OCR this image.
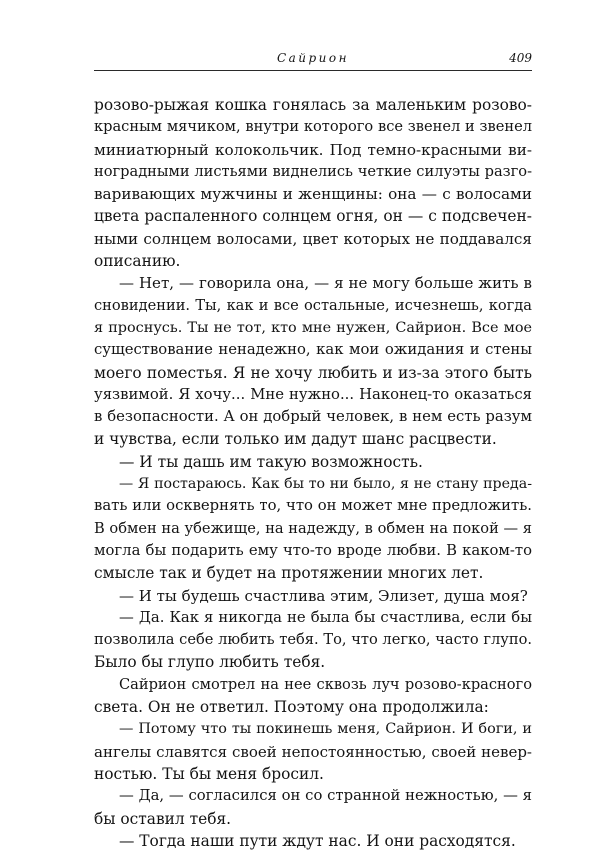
Сайрион	409
розово-рыжая кошка гонялась за маленьким розово-
красным мячиком, внутри которого все звенел и звенел
миниатюрный колокольчик. Под темно-красными ви-
ноградными листьями виднелись четкие силуэты разго-
варивающих мужчины и женщины: она — с волосами
цвета распаленного солнцем огня, он — с подсвечен-
ными солнцем волосами, цвет которых не поддавался
описанию.
— Нет, — говорила она, — я не могу больше жить в
сновидении. Ты, как и все остальные, исчезнешь, когда
я проснусь. Ты не тот, кто мне нужен, Сайрион. Все мое
существование ненадежно, как мои ожидания и стены
моего поместья. Я не хочу любить и из-за этого быть
уязвимой. Я хочу... Мне нужно... Наконец-то оказаться
в безопасности. А он добрый человек, в нем есть разум
и чувства, если только им дадут шанс расцвести.
— И ты дашь им такую возможность.
— Я постараюсь. Как бы то ни было, я не стану преда-
вать или осквернять то, что он может мне предложить.
В обмен на убежище, на надежду, в обмен на покой — я
могла бы подарить ему что-то вроде любви. В каком-то
смысле так и будет на протяжении многих лет.
— И ты будешь счастлива этим, Элизет, душа моя?
— Да. Как я никогда не была бы счастлива, если бы
позволила себе любить тебя. То, что легко, часто глупо.
Было бы глупо любить тебя.
Сайрион смотрел на нее сквозь луч розово-красного
света. Он не ответил. Поэтому она продолжила:
— Потому что ты покинешь меня, Сайрион. И боги, и
ангелы славятся своей непостоянностью, своей невер-
ностью. Ты бы меня бросил.
— Да, — согласился он со странной нежностью, — я
бы оставил тебя.
— Тогда наши пути ждут нас. И они расходятся.
